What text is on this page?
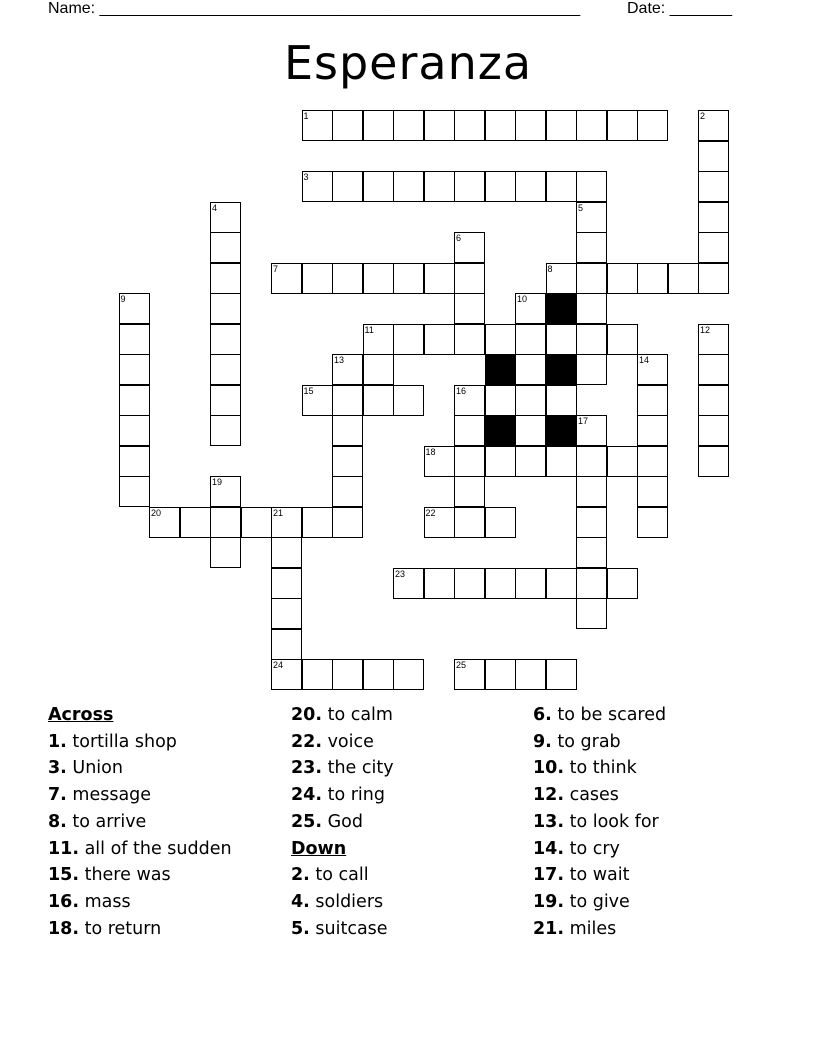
Name: ______________________________________________________	Date: _______
Esperanza
1	2
3
4	5
6
7	8
9	10
11	12
13	14
15	16
17
18
19
20	21	22
23
24	25
Across
1. tortilla shop
3. Union
7. message
8. to arrive
11. all of the sudden
15. there was
16. mass
18. to return
20. to calm
22. voice
23. the city
24. to ring
25. God
Down
2. to call
4. soldiers
5. suitcase
6. to be scared
9. to grab
10. to think
12. cases
13. to look for
14. to cry
17. to wait
19. to give
21. miles
